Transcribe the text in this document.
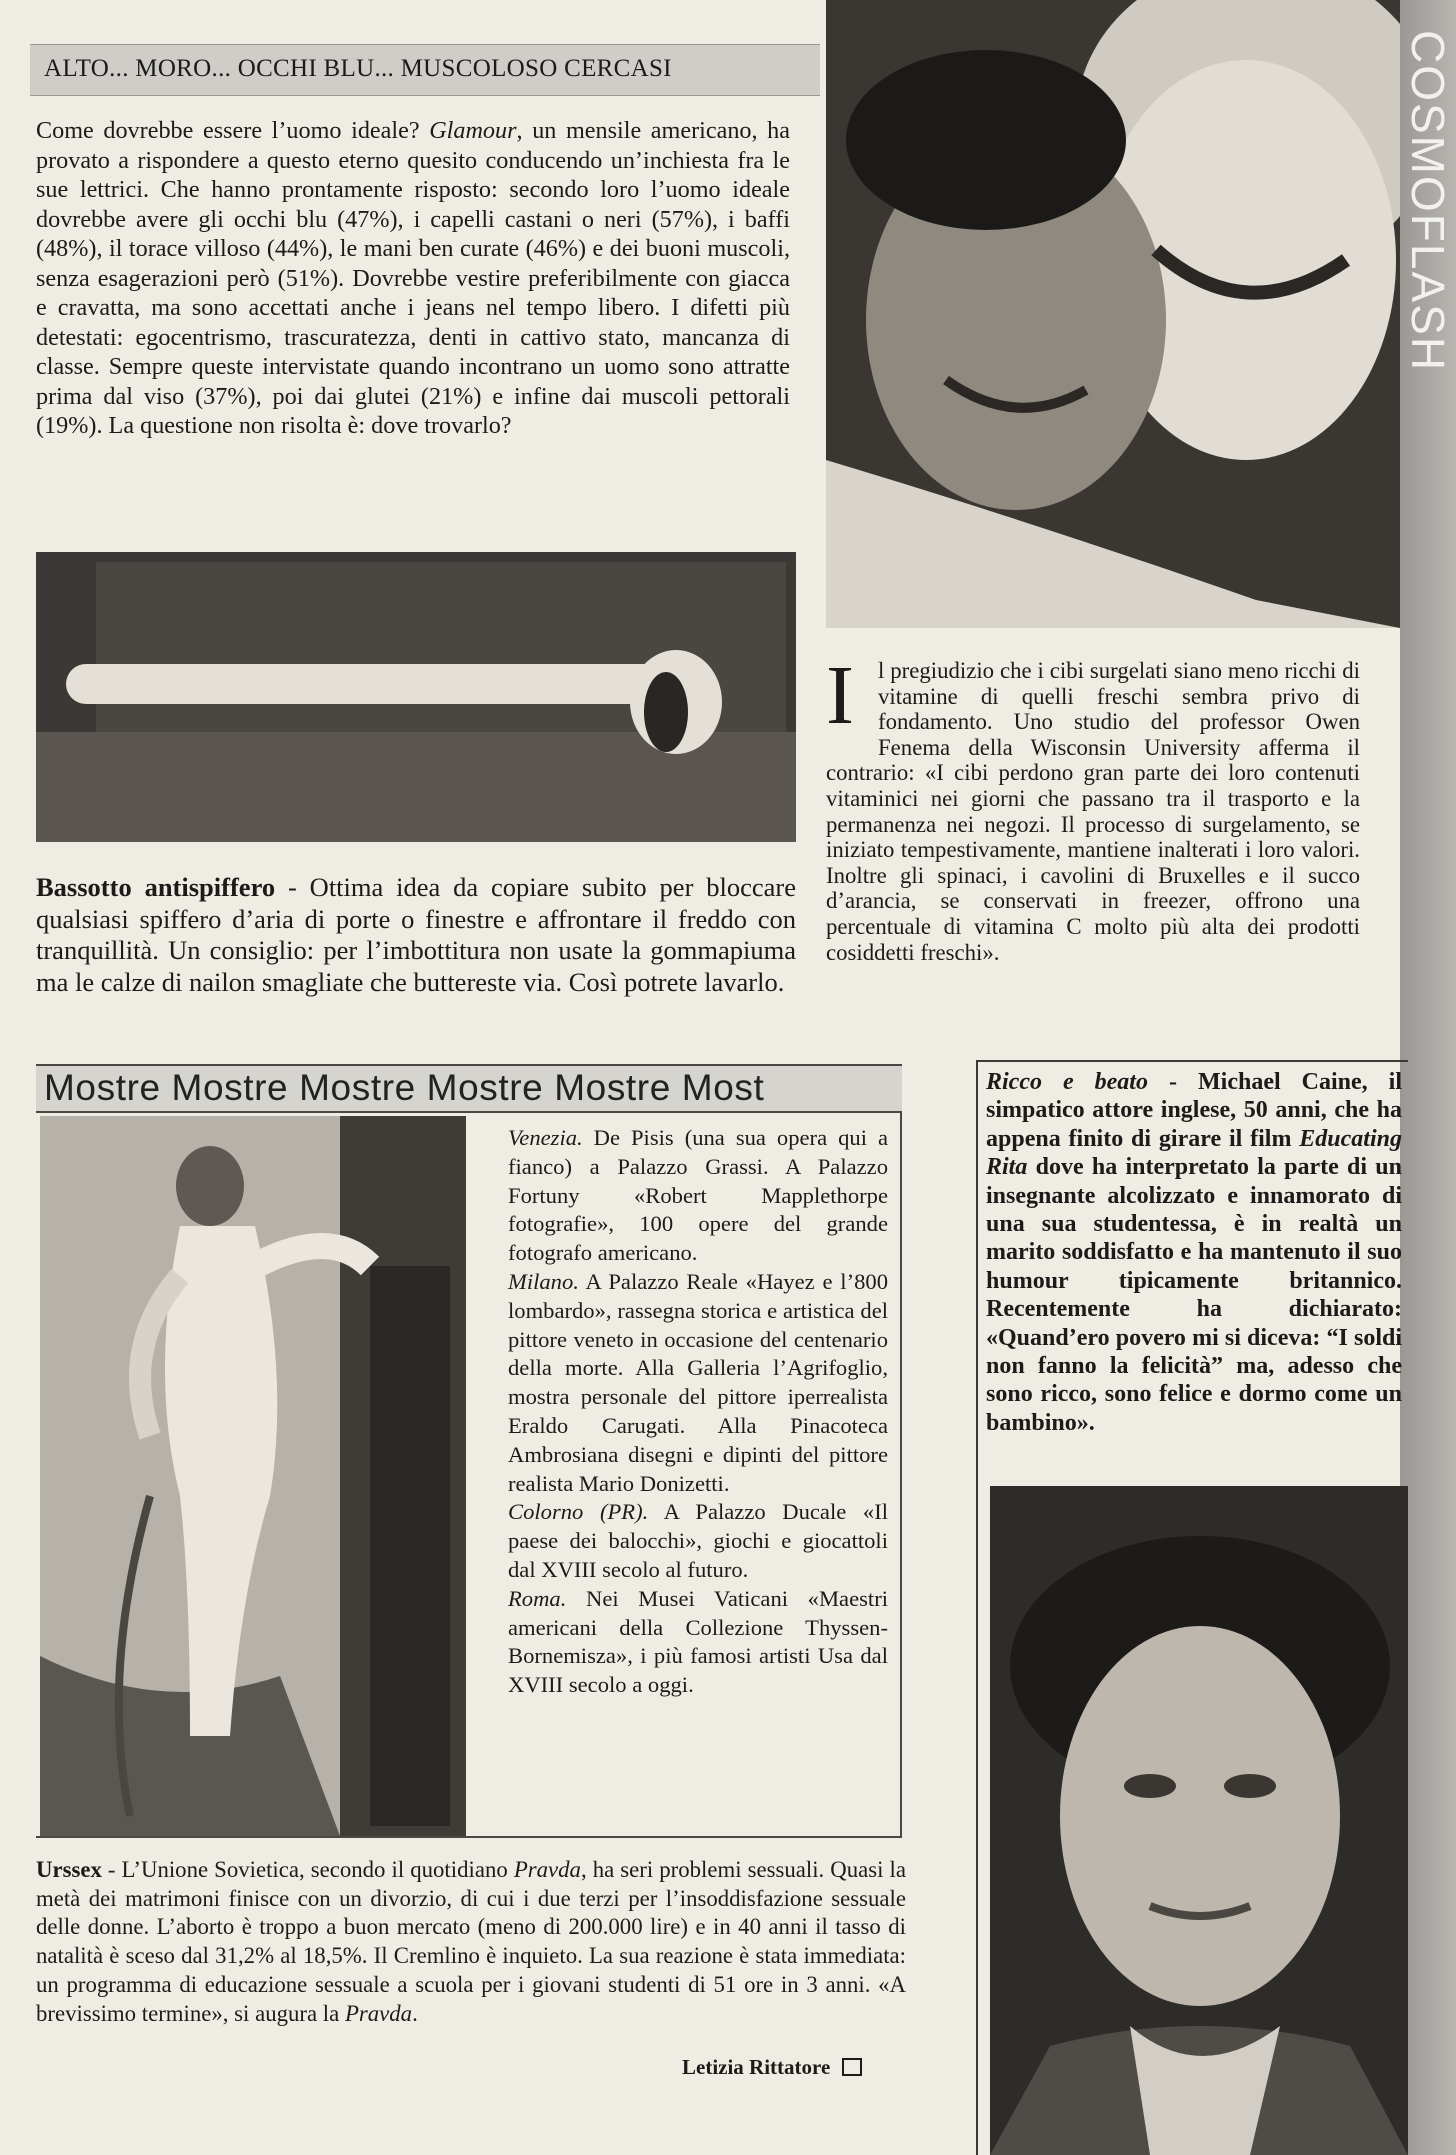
COSMOFLASH
ALTO... MORO... OCCHI BLU... MUSCOLOSO CERCASI
Come dovrebbe essere l’uomo ideale? Glamour, un mensile americano, ha provato a rispondere a questo eterno quesito conducendo un’inchiesta fra le sue lettrici. Che hanno prontamente risposto: secondo loro l’uomo ideale dovrebbe avere gli occhi blu (47%), i capelli castani o neri (57%), i baffi (48%), il torace villoso (44%), le mani ben curate (46%) e dei buoni muscoli, senza esagerazioni però (51%). Dovrebbe vestire preferibilmente con giacca e cravatta, ma sono accettati anche i jeans nel tempo libero. I difetti più detestati: egocentrismo, trascuratezza, denti in cattivo stato, mancanza di classe. Sempre queste intervistate quando incontrano un uomo sono attratte prima dal viso (37%), poi dai glutei (21%) e infine dai muscoli pettorali (19%). La questione non risolta è: dove trovarlo?
Bassotto antispiffero - Ottima idea da copiare subito per bloccare qualsiasi spiffero d’aria di porte o finestre e affrontare il freddo con tranquillità. Un consiglio: per l’imbottitura non usate la gommapiuma ma le calze di nailon smagliate che buttereste via. Così potrete lavarlo.
I	l pregiudizio che i cibi surgelati siano meno ricchi di vitamine di quelli freschi sembra privo di fondamento. Uno studio del professor Owen Fenema della Wisconsin University afferma il contrario: «I cibi perdono gran parte dei loro contenuti vitaminici nei giorni che passano tra il trasporto e la permanenza nei negozi. Il processo di surgelamento, se iniziato tempestivamente, mantiene inalterati i loro valori. Inoltre gli spinaci, i cavolini di Bruxelles e il succo d’arancia, se conservati in freezer, offrono una percentuale di vitamina C molto più alta dei prodotti cosiddetti freschi».

Mostre Mostre Mostre Mostre Mostre Most

Venezia. De Pisis (una sua opera qui a fianco) a Palazzo Grassi. A Palazzo Fortuny «Robert Mapplethorpe fotografie», 100 opere del grande fotografo americano.

Milano. A Palazzo Reale «Hayez e l’800 lombardo», rassegna storica e artistica del pittore veneto in occasione del centenario della morte. Alla Galleria l’Agrifoglio, mostra personale del pittore iperrealista Eraldo Carugati. Alla Pinacoteca Ambrosiana disegni e dipinti del pittore realista Mario Donizetti.

Colorno (PR). A Palazzo Ducale «Il paese dei balocchi», giochi e giocattoli dal XVIII secolo al futuro.

Roma. Nei Musei Vaticani «Maestri americani della Collezione Thyssen-Bornemisza», i più famosi artisti Usa dal XVIII secolo a oggi.

Urssex - L’Unione Sovietica, secondo il quotidiano Pravda, ha seri problemi sessuali. Quasi la metà dei matrimoni finisce con un divorzio, di cui i due terzi per l’insoddisfazione sessuale delle donne. L’aborto è troppo a buon mercato (meno di 200.000 lire) e in 40 anni il tasso di natalità è sceso dal 31,2% al 18,5%. Il Cremlino è inquieto. La sua reazione è stata immediata: un programma di educazione sessuale a scuola per i giovani studenti di 51 ore in 3 anni. «A brevissimo termine», si augura la Pravda.
Letizia Rittatore
Ricco e beato - Michael Caine, il simpatico attore inglese, 50 anni, che ha appena finito di girare il film Educating Rita dove ha interpretato la parte di un insegnante alcolizzato e innamorato di una sua studentessa, è in realtà un marito soddisfatto e ha mantenuto il suo humour tipicamente britannico. Recentemente ha dichiarato: «Quand’ero povero mi si diceva: “I soldi non fanno la felicità” ma, adesso che sono ricco, sono felice e dormo come un bambino».
